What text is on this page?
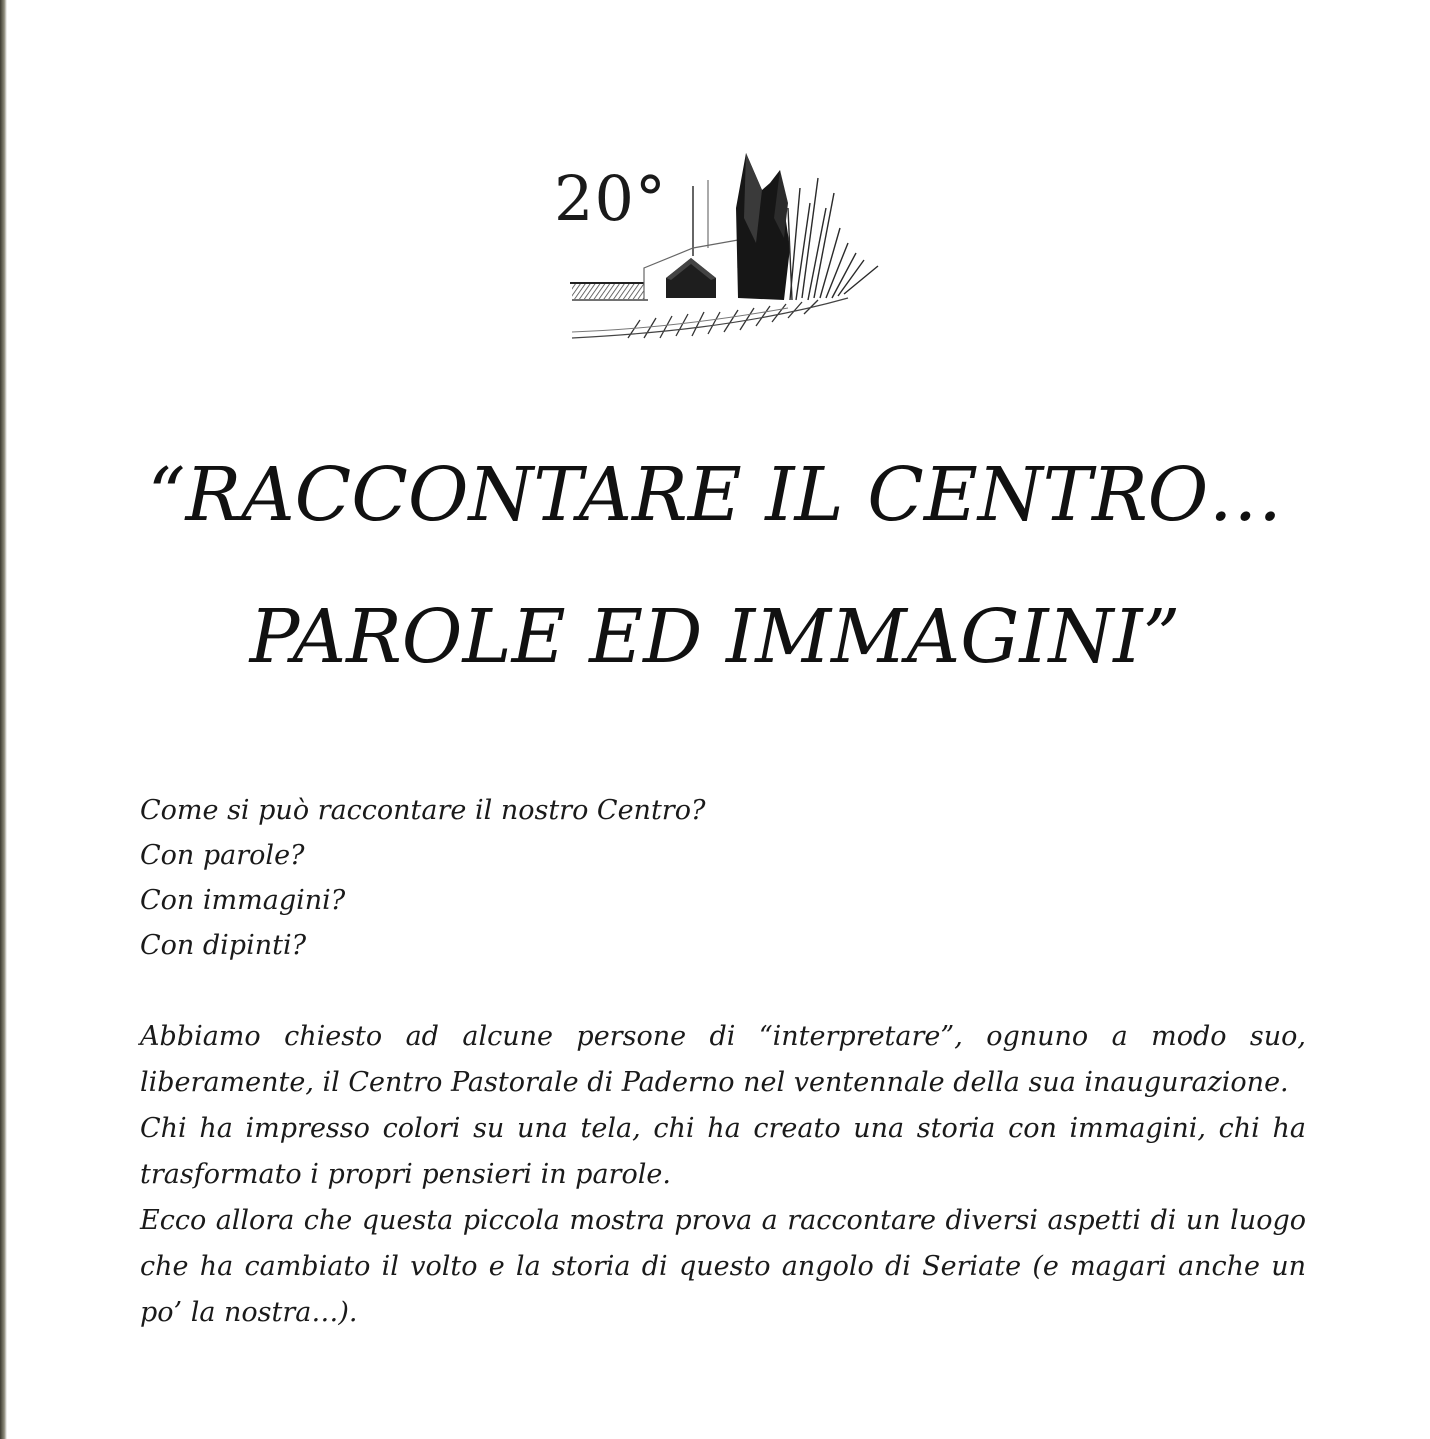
20°
“RACCONTARE IL CENTRO…
PAROLE ED IMMAGINI”
Come si può raccontare il nostro Centro?
Con parole?
Con immagini?
Con dipinti?

Abbiamo chiesto ad alcune persone di “interpretare”, ognuno a modo suo, liberamente, il Centro Pastorale di Paderno nel ventennale della sua inaugurazione.

Chi ha impresso colori su una tela, chi ha creato una storia con immagini, chi ha trasformato i propri pensieri in parole.

Ecco allora che questa piccola mostra prova a raccontare diversi aspetti di un luogo che ha cambiato il volto e la storia di questo angolo di Seriate (e magari anche un po’ la nostra…).
